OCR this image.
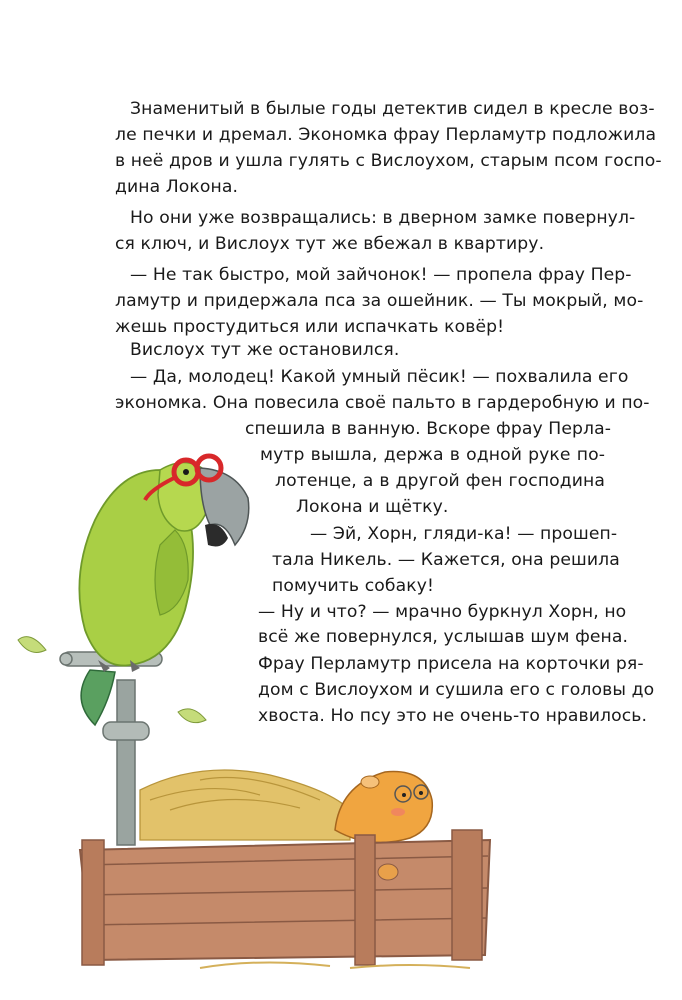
Знаменитый в былые годы детектив сидел в кресле воз-
ле печки и дремал. Экономка фрау Перламутр подложила
в неё дров и ушла гулять с Вислоухом, старым псом госпо-
дина Локона.
Но они уже возвращались: в дверном замке повернул-
ся ключ, и Вислоух тут же вбежал в квартиру.
— Не так быстро, мой зайчонок! — пропела фрау Пер-
ламутр и придержала пса за ошейник. — Ты мокрый, мо-
жешь простудиться или испачкать ковёр!
Вислоух тут же остановился.
— Да, молодец! Какой умный пёсик! — похвалила его
экономка. Она повесила своё пальто в гардеробную и по-
спешила в ванную. Вскоре фрау Перла-
мутр вышла, держа в одной руке по-
лотенце, а в другой фен господина
Локона и щётку.
— Эй, Хорн, гляди-ка! — прошеп-
тала Никель. — Кажется, она решила
помучить собаку!
— Ну и что? — мрачно буркнул Хорн, но
всё же повернулся, услышав шум фена.
Фрау Перламутр присела на корточки ря-
дом с Вислоухом и сушила его с головы до
хвоста. Но псу это не очень-то нравилось.
